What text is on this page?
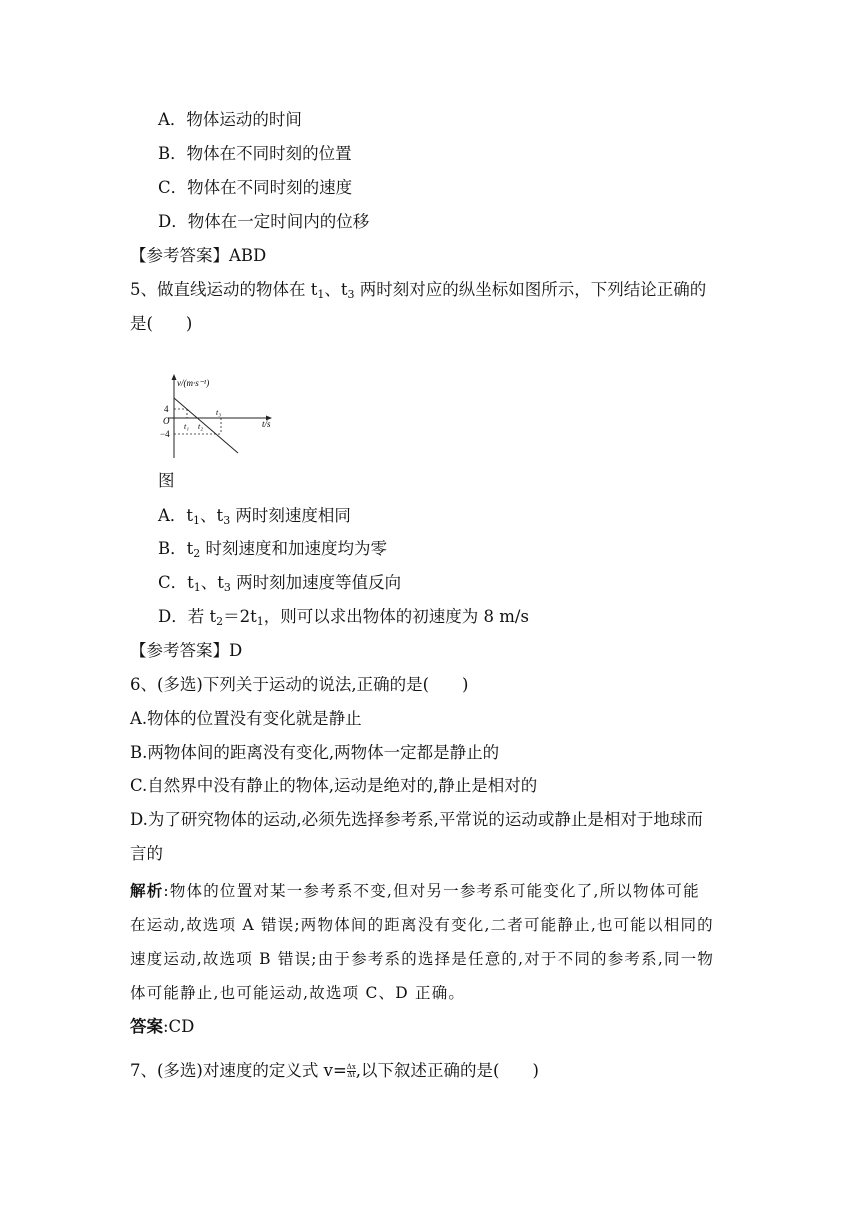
A．物体运动的时间
B．物体在不同时刻的位置
C．物体在不同时刻的速度
D．物体在一定时间内的位移
【参考答案】ABD
5、做直线运动的物体在 $t_1$、$t_3$ 两时刻对应的纵坐标如图所示，下列结论正确的
是(　　)
v/(m·s⁻¹)
4
O
−4
t₁ t₂
t₃
t/s
图
A．$t_1$、$t_3$ 两时刻速度相同
B．$t_2$ 时刻速度和加速度均为零
C．$t_1$、$t_3$ 两时刻加速度等值反向
D．若 $t_2=2t_1$，则可以求出物体的初速度为 8 m/s
【参考答案】D
6、(多选)下列关于运动的说法,正确的是(　　)
A.物体的位置没有变化就是静止
B.两物体间的距离没有变化,两物体一定都是静止的
C.自然界中没有静止的物体,运动是绝对的,静止是相对的
D.为了研究物体的运动,必须先选择参考系,平常说的运动或静止是相对于地球而
言的
解析:物体的位置对某一参考系不变,但对另一参考系可能变化了,所以物体可能
在运动,故选项 A 错误;两物体间的距离没有变化,二者可能静止,也可能以相同的
速度运动,故选项 B 错误;由于参考系的选择是任意的,对于不同的参考系,同一物
体可能静止,也可能运动,故选项 C、D 正确。
答案:CD
7、(多选)对速度的定义式 $v= \frac{\Delta x}{\Delta t}$ ,以下叙述正确的是(　　)
